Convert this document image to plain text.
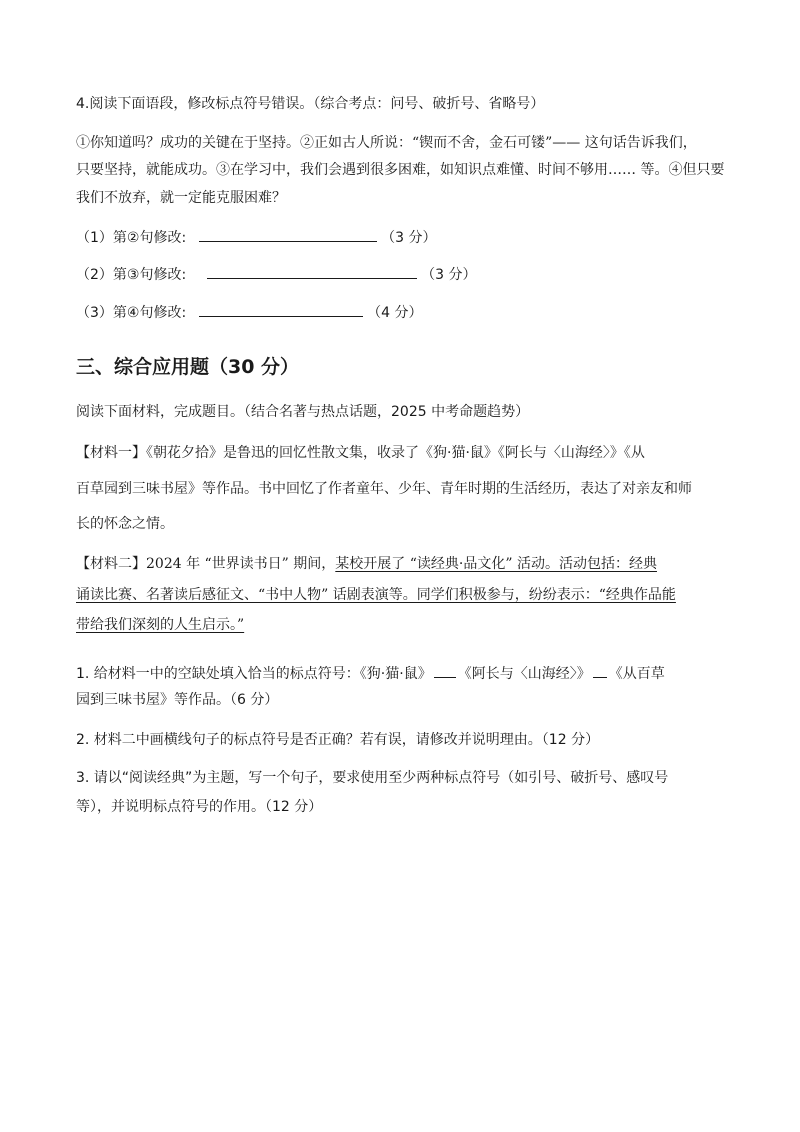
4.阅读下面语段，修改标点符号错误。（综合考点：问号、破折号、省略号）
①你知道吗？成功的关键在于坚持。②正如古人所说：“锲而不舍，金石可镂”—— 这句话告诉我们，
只要坚持，就能成功。③在学习中，我们会遇到很多困难，如知识点难懂、时间不够用…… 等。④但只要
我们不放弃，就一定能克服困难？
（1）第②句修改:	（3 分）
（2）第③句修改:	（3 分）
（3）第④句修改:	（4 分）
三、综合应用题（30 分）
阅读下面材料，完成题目。（结合名著与热点话题，2025 中考命题趋势）
【材料一】《朝花夕拾》是鲁迅的回忆性散文集，收录了《狗·猫·鼠》《阿长与〈山海经〉》《从
百草园到三味书屋》等作品。书中回忆了作者童年、少年、青年时期的生活经历，表达了对亲友和师
长的怀念之情。
【材料二】2024 年 “世界读书日” 期间，某校开展了 “读经典·品文化” 活动。活动包括：经典
诵读比赛、名著读后感征文、“书中人物” 话剧表演等。同学们积极参与，纷纷表示：“经典作品能
带给我们深刻的人生启示。”
1. 给材料一中的空缺处填入恰当的标点符号：《狗·猫·鼠》 《阿长与〈山海经〉》 《从百草
园到三味书屋》等作品。（6 分）
2. 材料二中画横线句子的标点符号是否正确？若有误，请修改并说明理由。（12 分）
3. 请以“阅读经典”为主题，写一个句子，要求使用至少两种标点符号（如引号、破折号、感叹号
等），并说明标点符号的作用。（12 分）
